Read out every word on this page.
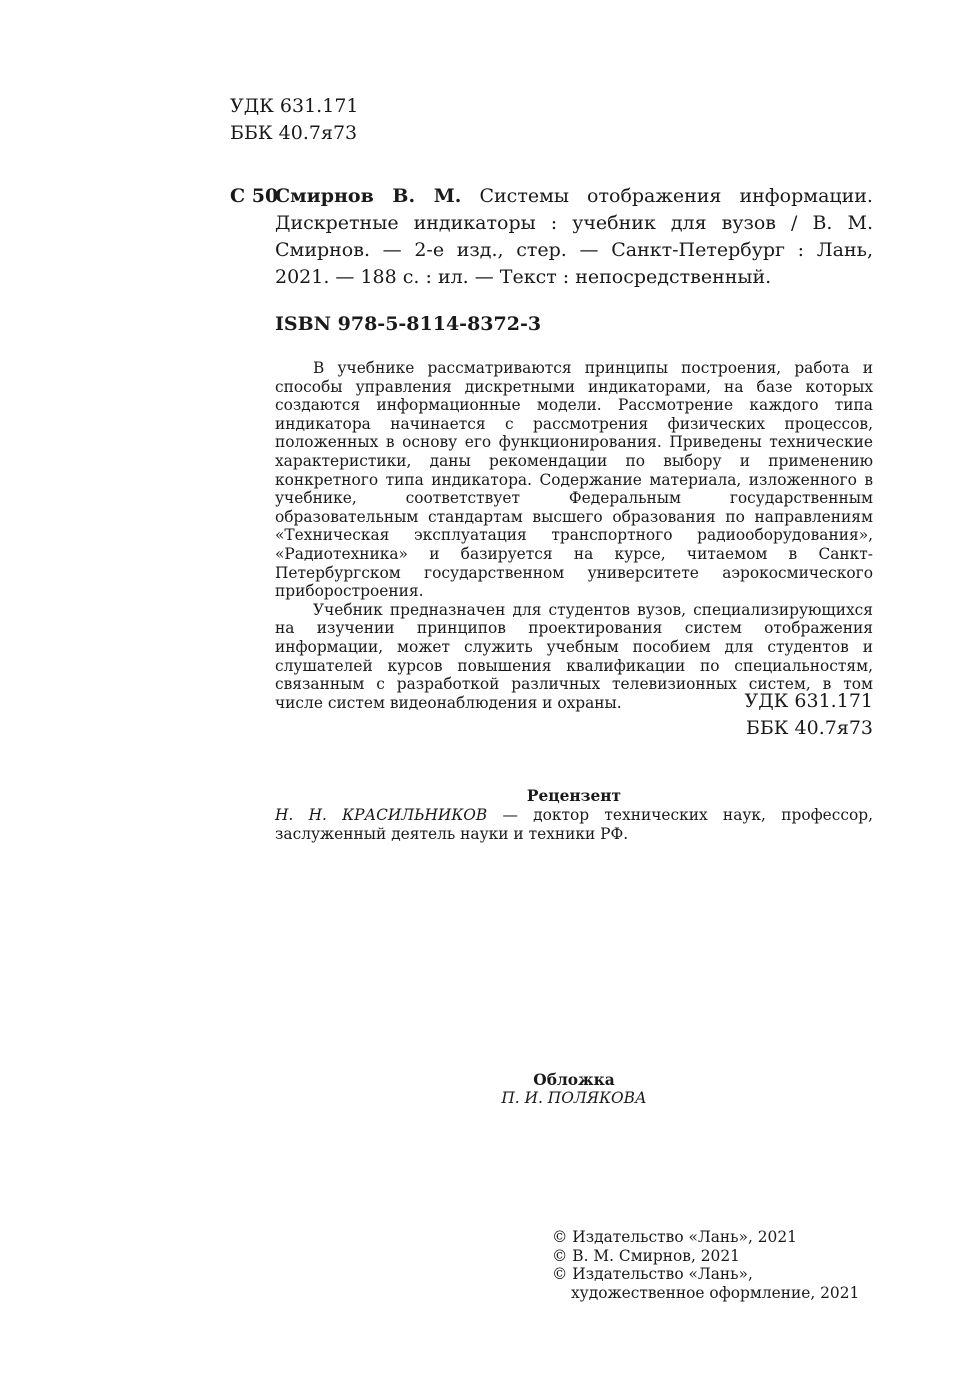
УДК 631.171
ББК 40.7я73
С 50
Смирнов В. М. Системы отображения информации. Дискретные индикаторы : учебник для вузов / В. М. Смирнов. — 2-е изд., стер. — Санкт-Петербург : Лань, 2021. — 188 с. : ил. — Текст : непосредственный.
ISBN 978-5-8114-8372-3

В учебнике рассматриваются принципы построения, работа и способы управления дискретными индикаторами, на базе которых создаются информационные модели. Рассмотрение каждого типа индикатора начинается с рассмотрения физических процессов, положенных в основу его функционирования. Приведены технические характеристики, даны рекомендации по выбору и применению конкретного типа индикатора. Содержание материала, изложенного в учебнике, соответствует Федеральным государственным образовательным стандартам высшего образования по направлениям «Техническая эксплуатация транспортного радиооборудования», «Радиотехника» и базируется на курсе, читаемом в Санкт-Петербургском государственном университете аэрокосмического приборостроения.

Учебник предназначен для студентов вузов, специализирующихся на изучении принципов проектирования систем отображения информации, может служить учебным пособием для студентов и слушателей курсов повышения квалификации по специальностям, связанным с разработкой различных телевизионных систем, в том числе систем видеонаблюдения и охраны.	УДК 631.171
ББК 40.7я73
Рецензент
Н. Н. КРАСИЛЬНИКОВ — доктор технических наук, профессор, заслуженный деятель науки и техники РФ.
Обложка
П. И. ПОЛЯКОВА
© Издательство «Лань», 2021
© В. М. Смирнов, 2021
© Издательство «Лань»,
художественное оформление, 2021
